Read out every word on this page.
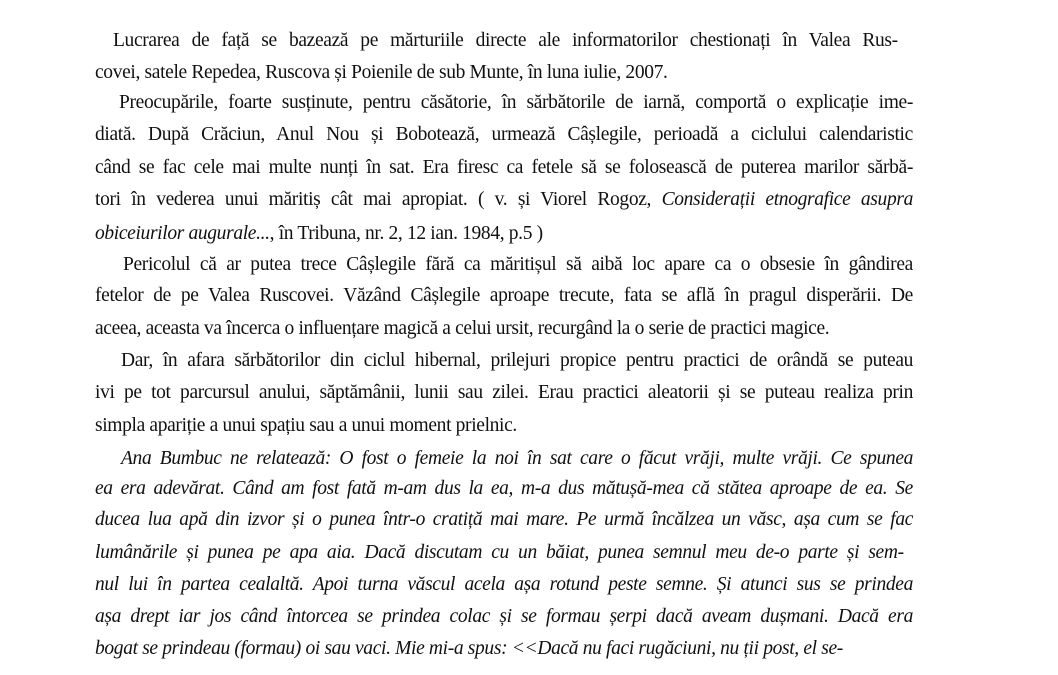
Lucrarea de față se bazează pe mărturiile directe ale informatorilor chestionați în Valea Rus-
covei, satele Repedea, Ruscova și Poienile de sub Munte, în luna iulie, 2007.
Preocupările, foarte susținute, pentru căsătorie, în sărbătorile de iarnă, comportă o explicație ime-
diată. După Crăciun, Anul Nou și Bobotează, urmează Câșlegile, perioadă a ciclului calendaristic
când se fac cele mai multe nunți în sat. Era firesc ca fetele să se folosească de puterea marilor sărbă-
tori în vederea unui măritiș cât mai apropiat. ( v. și Viorel Rogoz, Considerații etnografice asupra
obiceiurilor augurale..., în Tribuna, nr. 2, 12 ian. 1984, p.5 )
Pericolul că ar putea trece Câșlegile fără ca măritișul să aibă loc apare ca o obsesie în gândirea
fetelor de pe Valea Ruscovei. Văzând Câșlegile aproape trecute, fata se află în pragul disperării. De
aceea, aceasta va încerca o influențare magică a celui ursit, recurgând la o serie de practici magice.
Dar, în afara sărbătorilor din ciclul hibernal, prilejuri propice pentru practici de orândă se puteau
ivi pe tot parcursul anului, săptămânii, lunii sau zilei. Erau practici aleatorii și se puteau realiza prin
simpla apariție a unui spațiu sau a unui moment prielnic.
Ana Bumbuc ne relatează: O fost o femeie la noi în sat care o făcut vrăji, multe vrăji. Ce spunea
ea era adevărat. Când am fost fată m-am dus la ea, m-a dus mătușă-mea că stătea aproape de ea. Se
ducea lua apă din izvor și o punea într-o cratiță mai mare. Pe urmă încălzea un văsc, așa cum se fac
lumânările și punea pe apa aia. Dacă discutam cu un băiat, punea semnul meu de-o parte și sem-
nul lui în partea cealaltă. Apoi turna văscul acela așa rotund peste semne. Și atunci sus se prindea
așa drept iar jos când întorcea se prindea colac și se formau șerpi dacă aveam dușmani. Dacă era
bogat se prindeau (formau) oi sau vaci. Mie mi-a spus: <<Dacă nu faci rugăciuni, nu ții post, el se-
